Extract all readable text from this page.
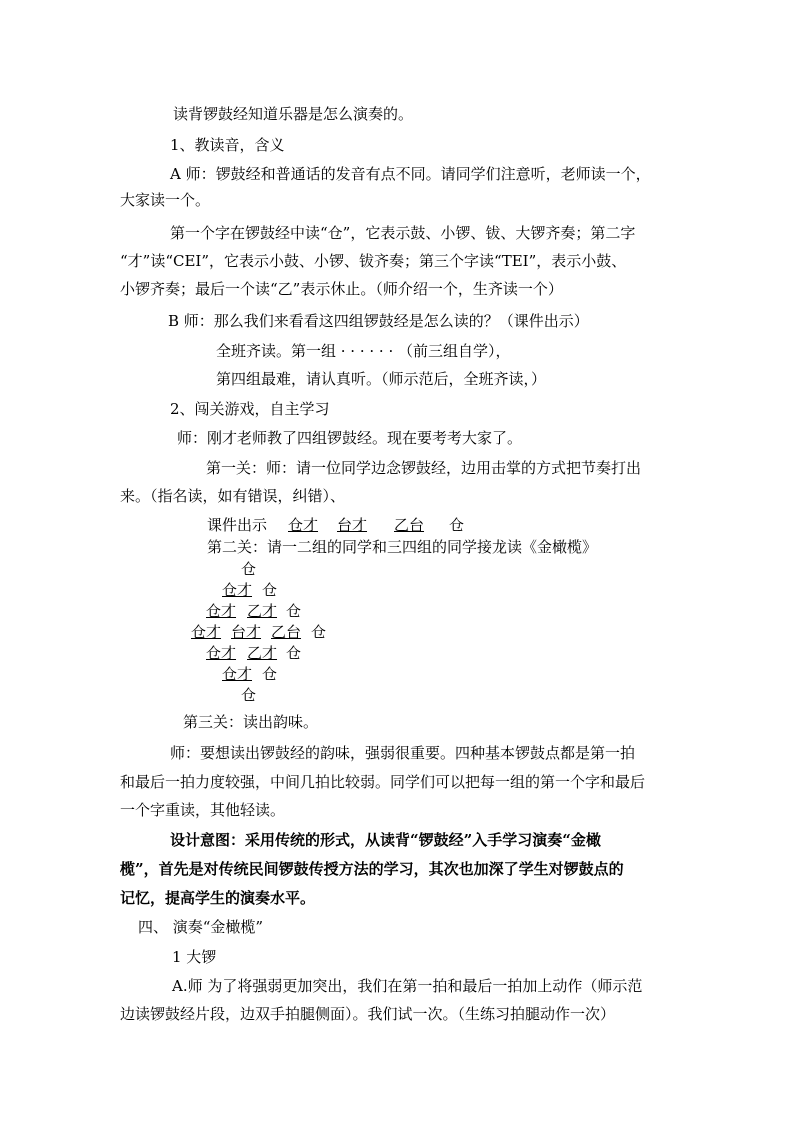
读背锣鼓经知道乐器是怎么演奏的。
1、教读音，含义
A 师：锣鼓经和普通话的发音有点不同。请同学们注意听，老师读一个，
大家读一个。
第一个字在锣鼓经中读“仓”，它表示鼓、小锣、钹、大锣齐奏；第二字
“才”读“CEI”，它表示小鼓、小锣、钹齐奏；第三个字读“TEI”，表示小鼓、
小锣齐奏；最后一个读“乙”表示休止。（师介绍一个，生齐读一个）
B 师：那么我们来看看这四组锣鼓经是怎么读的？（课件出示）
全班齐读。第一组 · · · · · · （前三组自学），
第四组最难，请认真听。（师示范后，全班齐读，）
2、闯关游戏，自主学习
师：刚才老师教了四组锣鼓经。现在要考考大家了。
第一关：师：请一位同学边念锣鼓经，边用击掌的方式把节奏打出
来。（指名读，如有错误，纠错）、
课件出示 仓才 台才 乙台 仓
第二关：请一二组的同学和三四组的同学接龙读《金橄榄》
仓
仓才 仓
仓才 乙才 仓
仓才 台才 乙台 仓
仓才 乙才 仓
仓才 仓
仓
第三关：读出韵味。
师：要想读出锣鼓经的韵味，强弱很重要。四种基本锣鼓点都是第一拍
和最后一拍力度较强，中间几拍比较弱。同学们可以把每一组的第一个字和最后
一个字重读，其他轻读。
设计意图：采用传统的形式，从读背“锣鼓经”入手学习演奏“金橄
榄”，首先是对传统民间锣鼓传授方法的学习，其次也加深了学生对锣鼓点的
记忆，提高学生的演奏水平。
四、 演奏“金橄榄”
1 大锣
A.师 为了将强弱更加突出，我们在第一拍和最后一拍加上动作（师示范
边读锣鼓经片段，边双手拍腿侧面）。我们试一次。（生练习拍腿动作一次）
